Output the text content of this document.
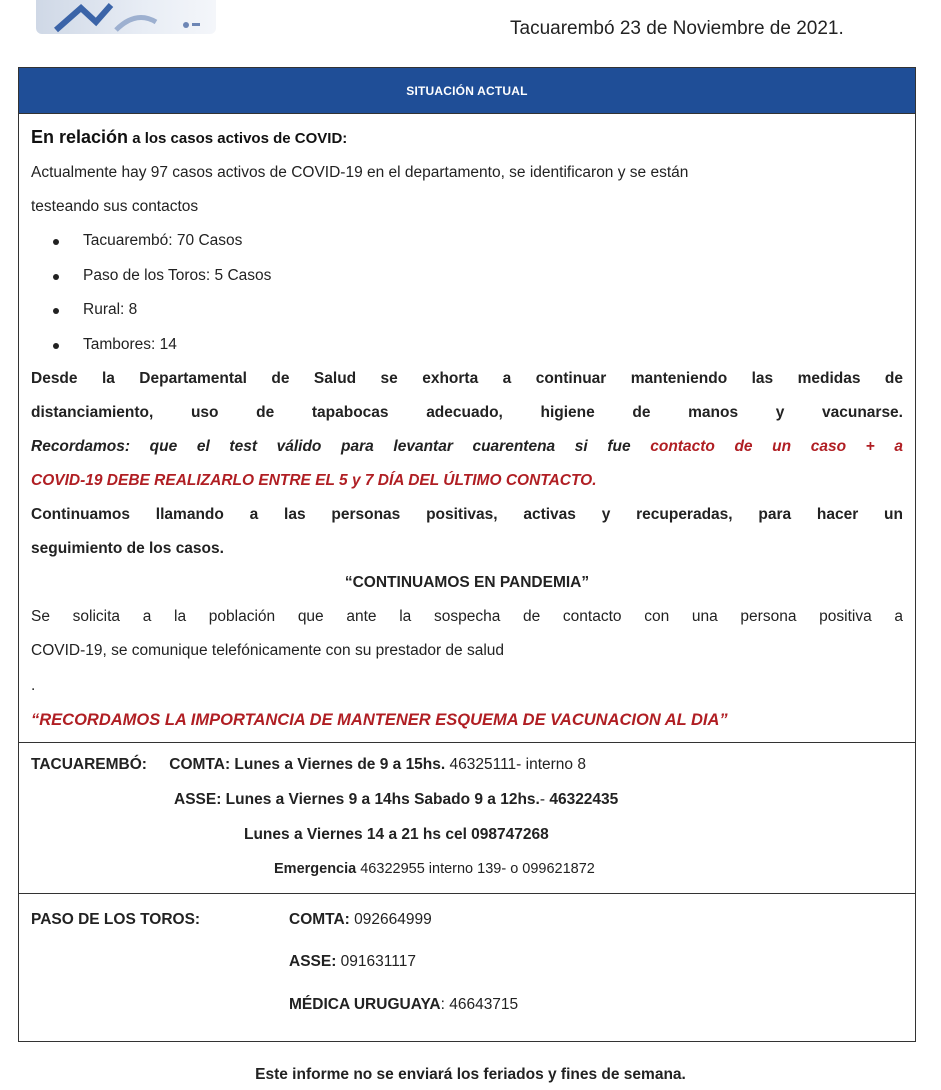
Tacuarembó 23 de Noviembre de 2021.
SITUACIÓN ACTUAL
En relación a los casos activos de COVID:

Actualmente hay 97 casos activos de COVID-19 en el departamento, se identificaron y se están

testeando sus contactos

Tacuarembó: 70 Casos
Paso de los Toros: 5 Casos
Rural: 8
Tambores: 14

Desde la Departamental de Salud se exhorta a continuar manteniendo las medidas de

distanciamiento, uso de tapabocas adecuado, higiene de manos y vacunarse.

Recordamos: que el test válido para levantar cuarentena si fue contacto de un caso + a

COVID-19 DEBE REALIZARLO ENTRE EL 5 y 7 DÍA DEL ÚLTIMO CONTACTO.

Continuamos llamando a las personas positivas, activas y recuperadas, para hacer un

seguimiento de los casos.

“CONTINUAMOS EN PANDEMIA”

Se solicita a la población que ante la sospecha de contacto con una persona positiva a

COVID-19, se comunique telefónicamente con su prestador de salud

.

“RECORDAMOS LA IMPORTANCIA DE MANTENER ESQUEMA DE VACUNACION AL DIA”

TACUAREMBÓ: COMTA: Lunes a Viernes de 9 a 15hs. 46325111- interno 8
ASSE: Lunes a Viernes 9 a 14hs Sabado 9 a 12hs.- 46322435
Lunes a Viernes 14 a 21 hs cel 098747268
Emergencia 46322955 interno 139- o 099621872
PASO DE LOS TOROS:	COMTA: 092664999
ASSE: 091631117
MÉDICA URUGUAYA: 46643715
Este informe no se enviará los feriados y fines de semana.
